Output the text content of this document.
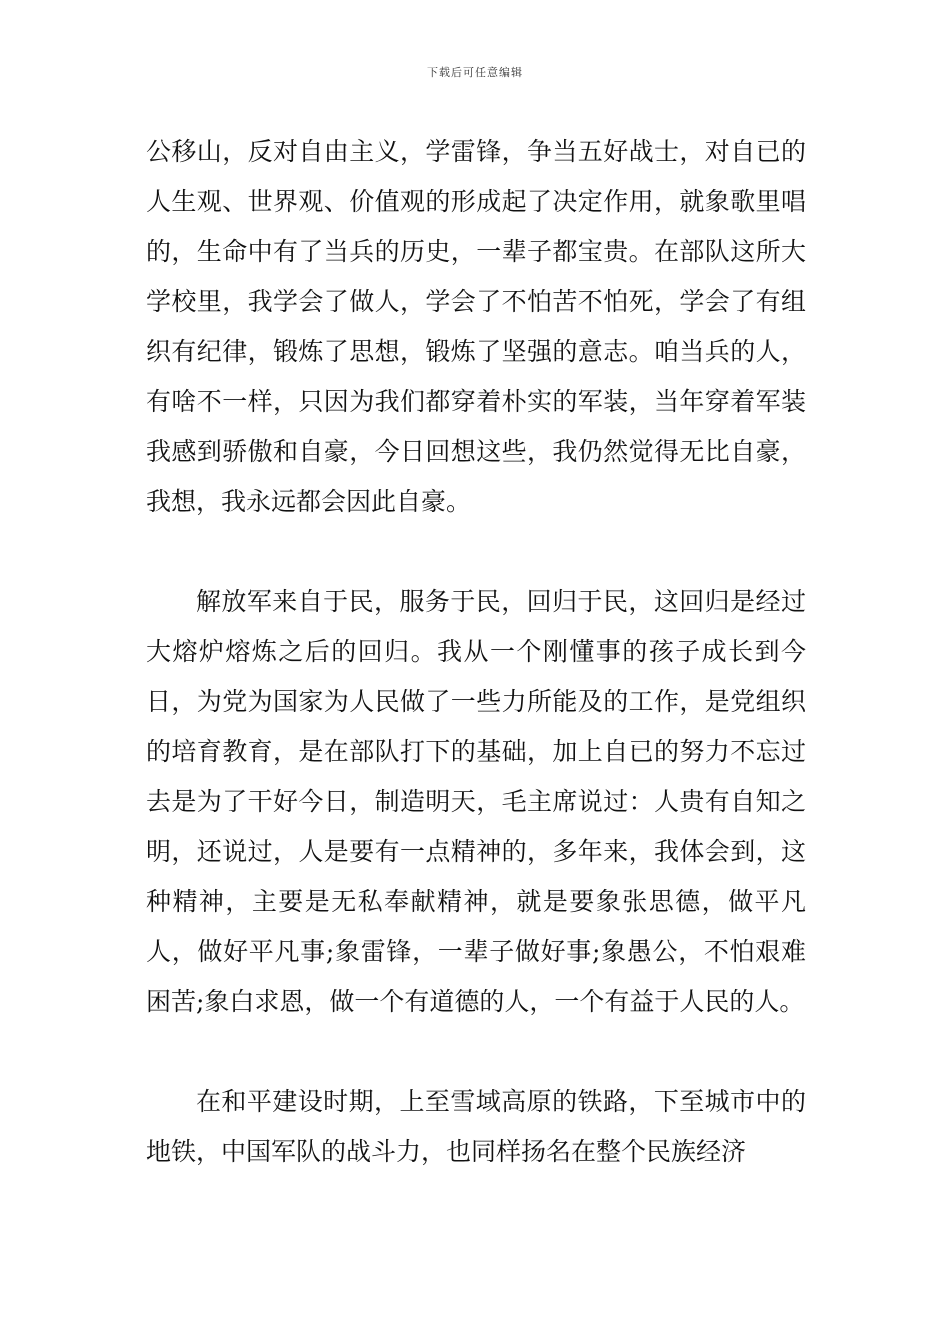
下载后可任意编辑

公移山，反对自由主义，学雷锋，争当五好战士，对自已的人生观、世界观、价值观的形成起了决定作用，就象歌里唱的，生命中有了当兵的历史，一辈子都宝贵。在部队这所大学校里，我学会了做人，学会了不怕苦不怕死，学会了有组织有纪律，锻炼了思想，锻炼了坚强的意志。咱当兵的人，有啥不一样，只因为我们都穿着朴实的军装，当年穿着军装我感到骄傲和自豪，今日回想这些，我仍然觉得无比自豪，我想，我永远都会因此自豪。

解放军来自于民，服务于民，回归于民，这回归是经过大熔炉熔炼之后的回归。我从一个刚懂事的孩子成长到今日，为党为国家为人民做了一些力所能及的工作，是党组织的培育教育，是在部队打下的基础，加上自已的努力不忘过去是为了干好今日，制造明天，毛主席说过：人贵有自知之明，还说过，人是要有一点精神的，多年来，我体会到，这种精神，主要是无私奉献精神，就是要象张思德，做平凡人，做好平凡事;象雷锋，一辈子做好事;象愚公，不怕艰难困苦;象白求恩，做一个有道德的人，一个有益于人民的人。

在和平建设时期，上至雪域高原的铁路，下至城市中的地铁，中国军队的战斗力，也同样扬名在整个民族经济
